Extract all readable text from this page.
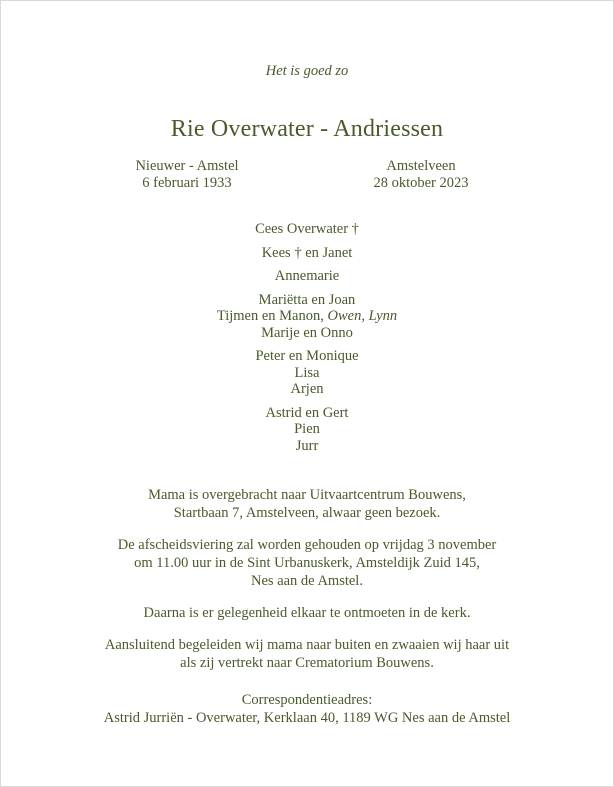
Het is goed zo
Rie Overwater - Andriessen
Nieuwer - Amstel
6 februari 1933
Amstelveen
28 oktober 2023

Cees Overwater †

Kees † en Janet

Annemarie

Mariëtta en Joan

Tijmen en Manon, Owen, Lynn

Marije en Onno

Peter en Monique

Lisa

Arjen

Astrid en Gert

Pien

Jurr

Mama is overgebracht naar Uitvaartcentrum Bouwens,

Startbaan 7, Amstelveen, alwaar geen bezoek.

De afscheidsviering zal worden gehouden op vrijdag 3 november

om 11.00 uur in de Sint Urbanuskerk, Amsteldijk Zuid 145,

Nes aan de Amstel.

Daarna is er gelegenheid elkaar te ontmoeten in de kerk.

Aansluitend begeleiden wij mama naar buiten en zwaaien wij haar uit

als zij vertrekt naar Crematorium Bouwens.

Correspondentieadres:

Astrid Jurriën - Overwater, Kerklaan 40, 1189 WG Nes aan de Amstel
